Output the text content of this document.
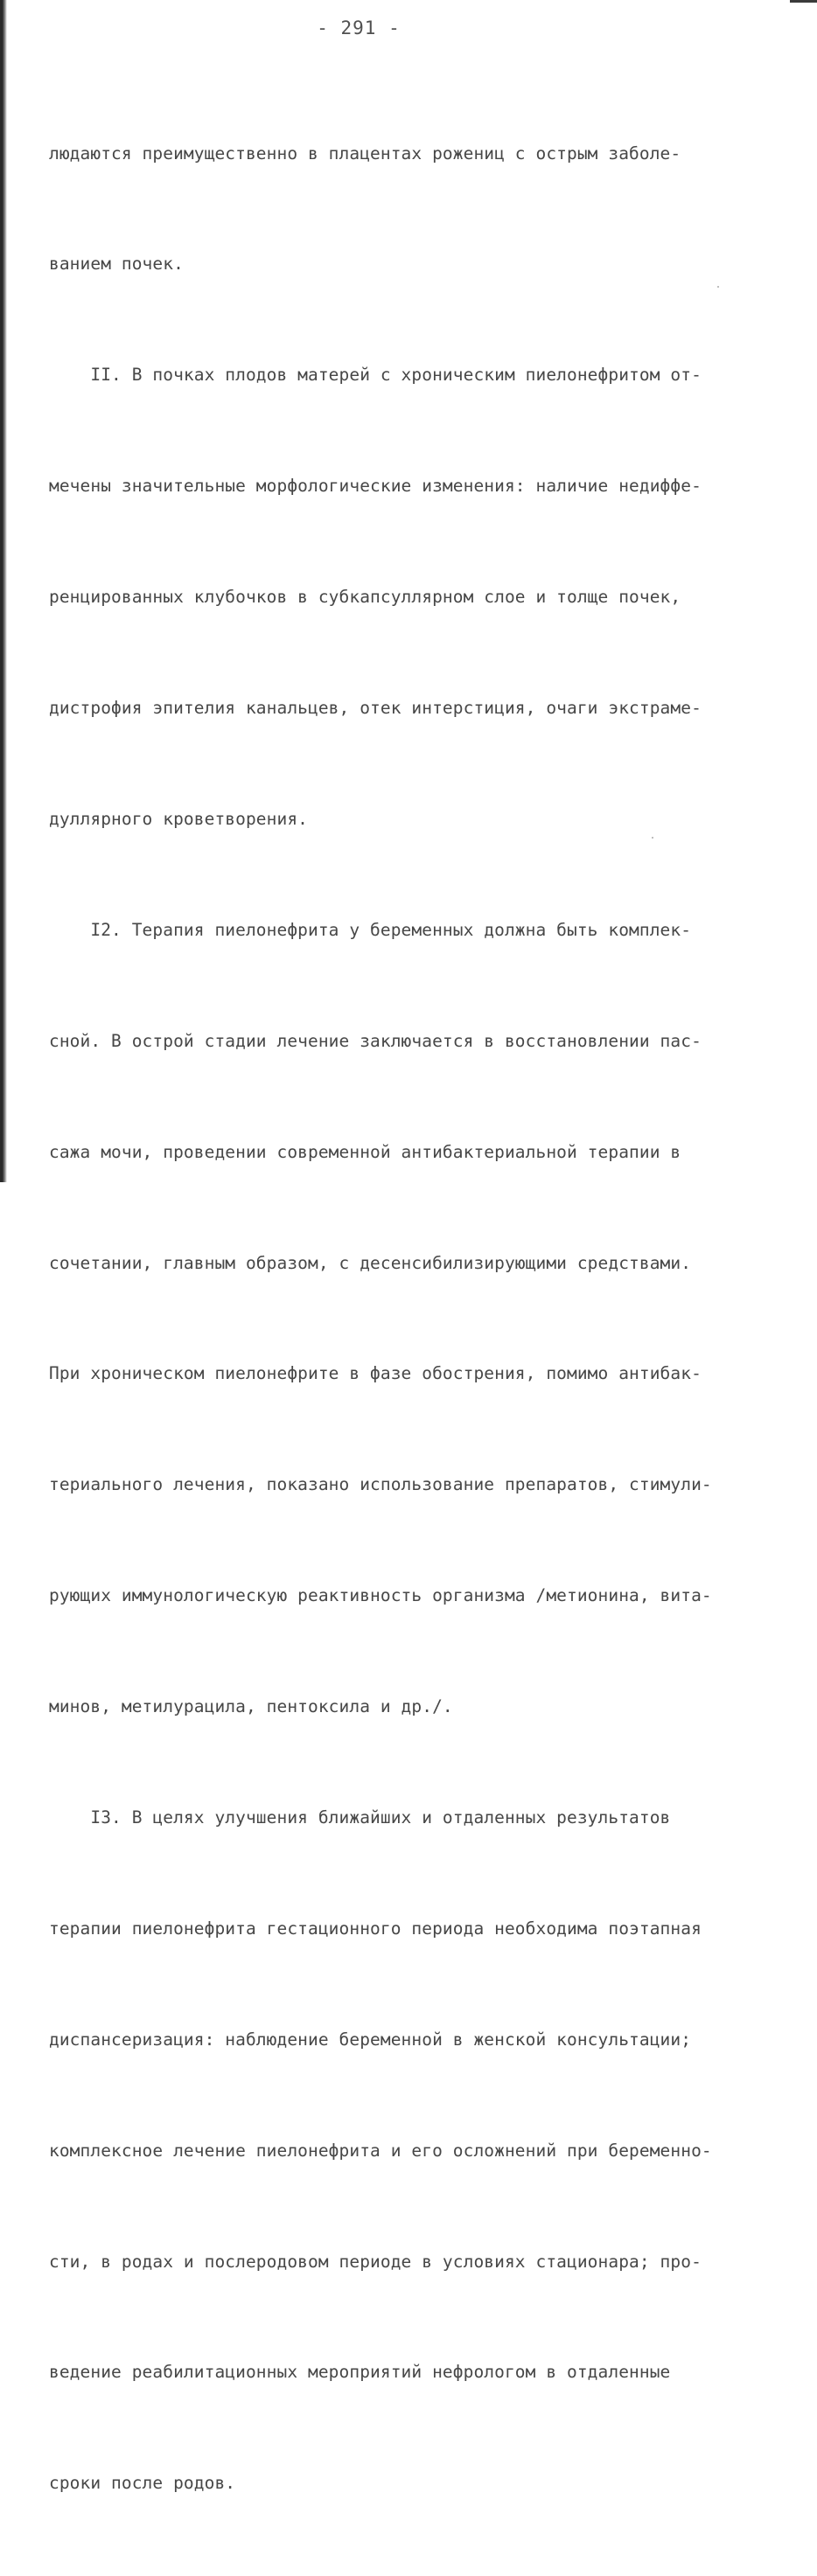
- 291 -

людаются преимущественно в плацентах рожениц с острым заболе-

ванием почек.

II. В почках плодов матерей с хроническим пиелонефритом от-

мечены значительные морфологические изменения: наличие недиффе-

ренцированных клубочков в субкапсуллярном слое и толще почек,

дистрофия эпителия канальцев, отек интерстиция, очаги экстраме-

дуллярного кроветворения.

I2. Терапия пиелонефрита у беременных должна быть комплек-

сной. В острой стадии лечение заключается в восстановлении пас-

сажа мочи, проведении современной антибактериальной терапии в

сочетании, главным образом, с десенсибилизирующими средствами.

При хроническом пиелонефрите в фазе обострения, помимо антибак-

териального лечения, показано использование препаратов, стимули-

рующих иммунологическую реактивность организма /метионина, вита-

минов, метилурацила, пентоксила и др./.

I3. В целях улучшения ближайших и отдаленных результатов

терапии пиелонефрита гестационного периода необходима поэтапная

диспансеризация: наблюдение беременной в женской консультации;

комплексное лечение пиелонефрита и его осложнений при беременно-

сти, в родах и послеродовом периоде в условиях стационара; про-

ведение реабилитационных мероприятий нефрологом в отдаленные

сроки после родов.
